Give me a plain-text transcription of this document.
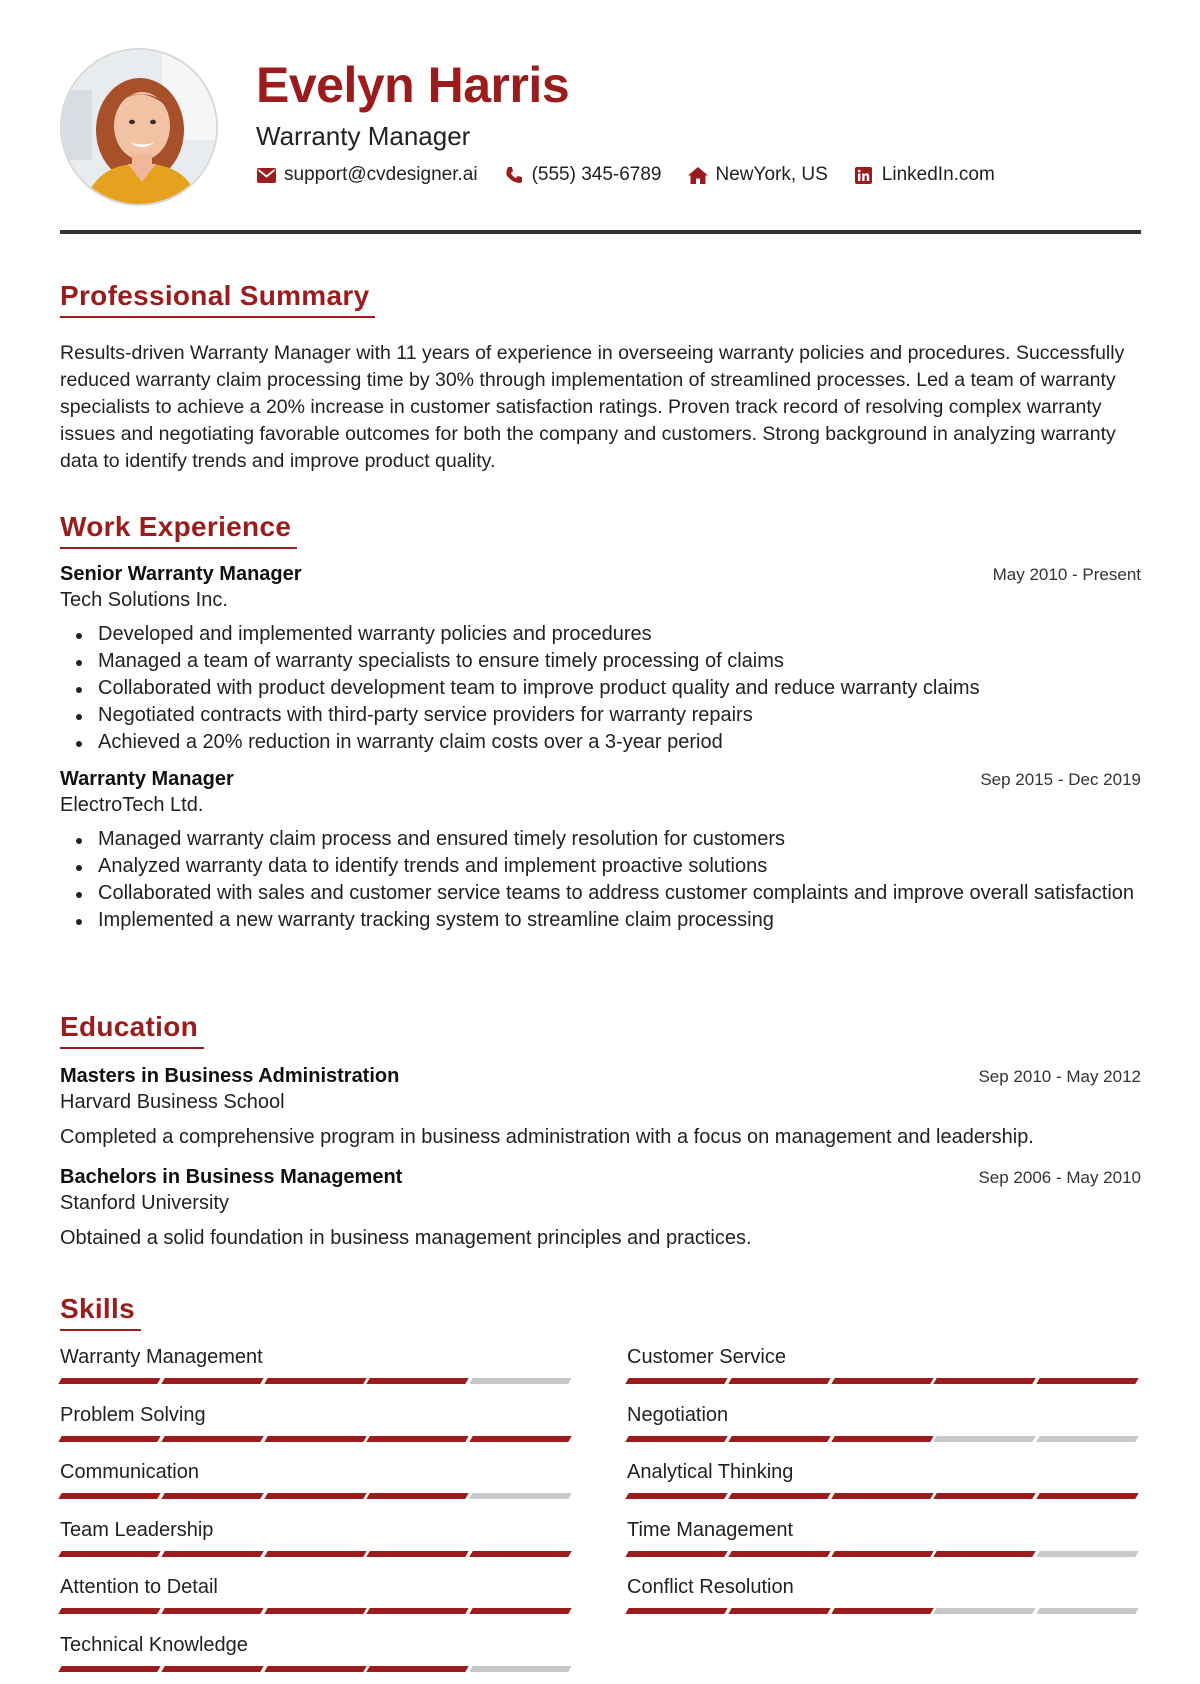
Evelyn Harris
Warranty Manager
support@cvdesigner.ai	(555) 345-6789	NewYork, US	LinkedIn.com
Professional Summary

Results-driven Warranty Manager with 11 years of experience in overseeing warranty policies and procedures. Successfully reduced warranty claim processing time by 30% through implementation of streamlined processes. Led a team of warranty specialists to achieve a 20% increase in customer satisfaction ratings. Proven track record of resolving complex warranty issues and negotiating favorable outcomes for both the company and customers. Strong background in analyzing warranty data to identify trends and improve product quality.

Work Experience
Senior Warranty Manager	May 2010 - Present
Tech Solutions Inc.
Developed and implemented warranty policies and procedures
Managed a team of warranty specialists to ensure timely processing of claims
Collaborated with product development team to improve product quality and reduce warranty claims
Negotiated contracts with third-party service providers for warranty repairs
Achieved a 20% reduction in warranty claim costs over a 3-year period
Warranty Manager	Sep 2015 - Dec 2019
ElectroTech Ltd.
Managed warranty claim process and ensured timely resolution for customers
Analyzed warranty data to identify trends and implement proactive solutions
Collaborated with sales and customer service teams to address customer complaints and improve overall satisfaction
Implemented a new warranty tracking system to streamline claim processing
Education
Masters in Business Administration	Sep 2010 - May 2012
Harvard Business School
Completed a comprehensive program in business administration with a focus on management and leadership.
Bachelors in Business Management	Sep 2006 - May 2010
Stanford University
Obtained a solid foundation in business management principles and practices.
Skills
Warranty Management	Customer Service
Problem Solving	Negotiation
Communication	Analytical Thinking
Team Leadership	Time Management
Attention to Detail	Conflict Resolution
Technical Knowledge
